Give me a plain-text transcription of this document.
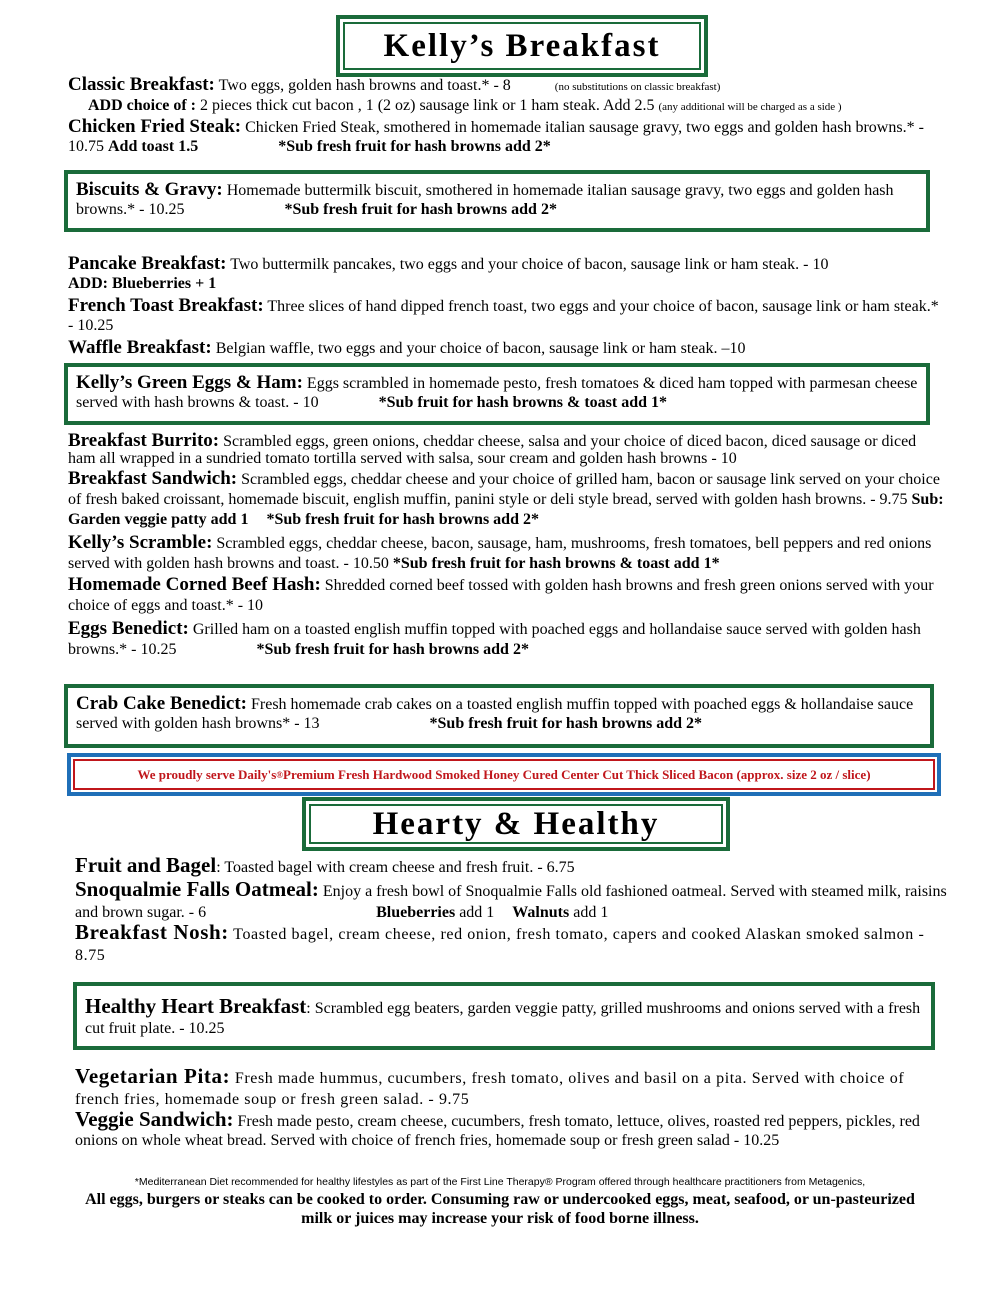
Kelly’s Breakfast
Classic Breakfast: Two eggs, golden hash browns and toast.* - 8	(no substitutions on classic breakfast)
ADD choice of : 2 pieces thick cut bacon , 1 (2 oz) sausage link or 1 ham steak. Add 2.5 (any additional will be charged as a side )
Chicken Fried Steak: Chicken Fried Steak, smothered in homemade italian sausage gravy, two eggs and golden hash browns.* - 10.75 Add toast 1.5	*Sub fresh fruit for hash browns add 2*
Biscuits & Gravy: Homemade buttermilk biscuit, smothered in homemade italian sausage gravy, two eggs and golden hash browns.* - 10.25	*Sub fresh fruit for hash browns add 2*
Pancake Breakfast: Two buttermilk pancakes, two eggs and your choice of bacon, sausage link or ham steak. - 10
ADD: Blueberries + 1
French Toast Breakfast: Three slices of hand dipped french toast, two eggs and your choice of bacon, sausage link or ham steak.* - 10.25
Waffle Breakfast: Belgian waffle, two eggs and your choice of bacon, sausage link or ham steak. –10
Kelly’s Green Eggs & Ham: Eggs scrambled in homemade pesto, fresh tomatoes & diced ham topped with parmesan cheese served with hash browns & toast. - 10	*Sub fruit for hash browns & toast add 1*
Breakfast Burrito: Scrambled eggs, green onions, cheddar cheese, salsa and your choice of diced bacon, diced sausage or diced ham all wrapped in a sundried tomato tortilla served with salsa, sour cream and golden hash browns - 10
Breakfast Sandwich: Scrambled eggs, cheddar cheese and your choice of grilled ham, bacon or sausage link served on your choice of fresh baked croissant, homemade biscuit, english muffin, panini style or deli style bread, served with golden hash browns. - 9.75 Sub: Garden veggie patty add 1 *Sub fresh fruit for hash browns add 2*
Kelly’s Scramble: Scrambled eggs, cheddar cheese, bacon, sausage, ham, mushrooms, fresh tomatoes, bell peppers and red onions served with golden hash browns and toast. - 10.50 *Sub fresh fruit for hash browns & toast add 1*
Homemade Corned Beef Hash: Shredded corned beef tossed with golden hash browns and fresh green onions served with your choice of eggs and toast.* - 10
Eggs Benedict: Grilled ham on a toasted english muffin topped with poached eggs and hollandaise sauce served with golden hash browns.* - 10.25	*Sub fresh fruit for hash browns add 2*
Crab Cake Benedict: Fresh homemade crab cakes on a toasted english muffin topped with poached eggs & hollandaise sauce served with golden hash browns* - 13	*Sub fresh fruit for hash browns add 2*
We proudly serve Daily's ® Premium Fresh Hardwood Smoked Honey Cured Center Cut Thick Sliced Bacon (approx. size 2 oz / slice)
Hearty & Healthy
Fruit and Bagel: Toasted bagel with cream cheese and fresh fruit. - 6.75
Snoqualmie Falls Oatmeal: Enjoy a fresh bowl of Snoqualmie Falls old fashioned oatmeal. Served with steamed milk, raisins and brown sugar. - 6	Blueberries add 1 Walnuts add 1
Breakfast Nosh: Toasted bagel, cream cheese, red onion, fresh tomato, capers and cooked Alaskan smoked salmon - 8.75
Healthy Heart Breakfast: Scrambled egg beaters, garden veggie patty, grilled mushrooms and onions served with a fresh cut fruit plate. - 10.25
Vegetarian Pita: Fresh made hummus, cucumbers, fresh tomato, olives and basil on a pita. Served with choice of french fries, homemade soup or fresh green salad. - 9.75
Veggie Sandwich: Fresh made pesto, cream cheese, cucumbers, fresh tomato, lettuce, olives, roasted red peppers, pickles, red onions on whole wheat bread. Served with choice of french fries, homemade soup or fresh green salad - 10.25
*Mediterranean Diet recommended for healthy lifestyles as part of the First Line Therapy® Program offered through healthcare practitioners from Metagenics,
All eggs, burgers or steaks can be cooked to order. Consuming raw or undercooked eggs, meat, seafood, or un-pasteurized milk or juices may increase your risk of food borne illness.
